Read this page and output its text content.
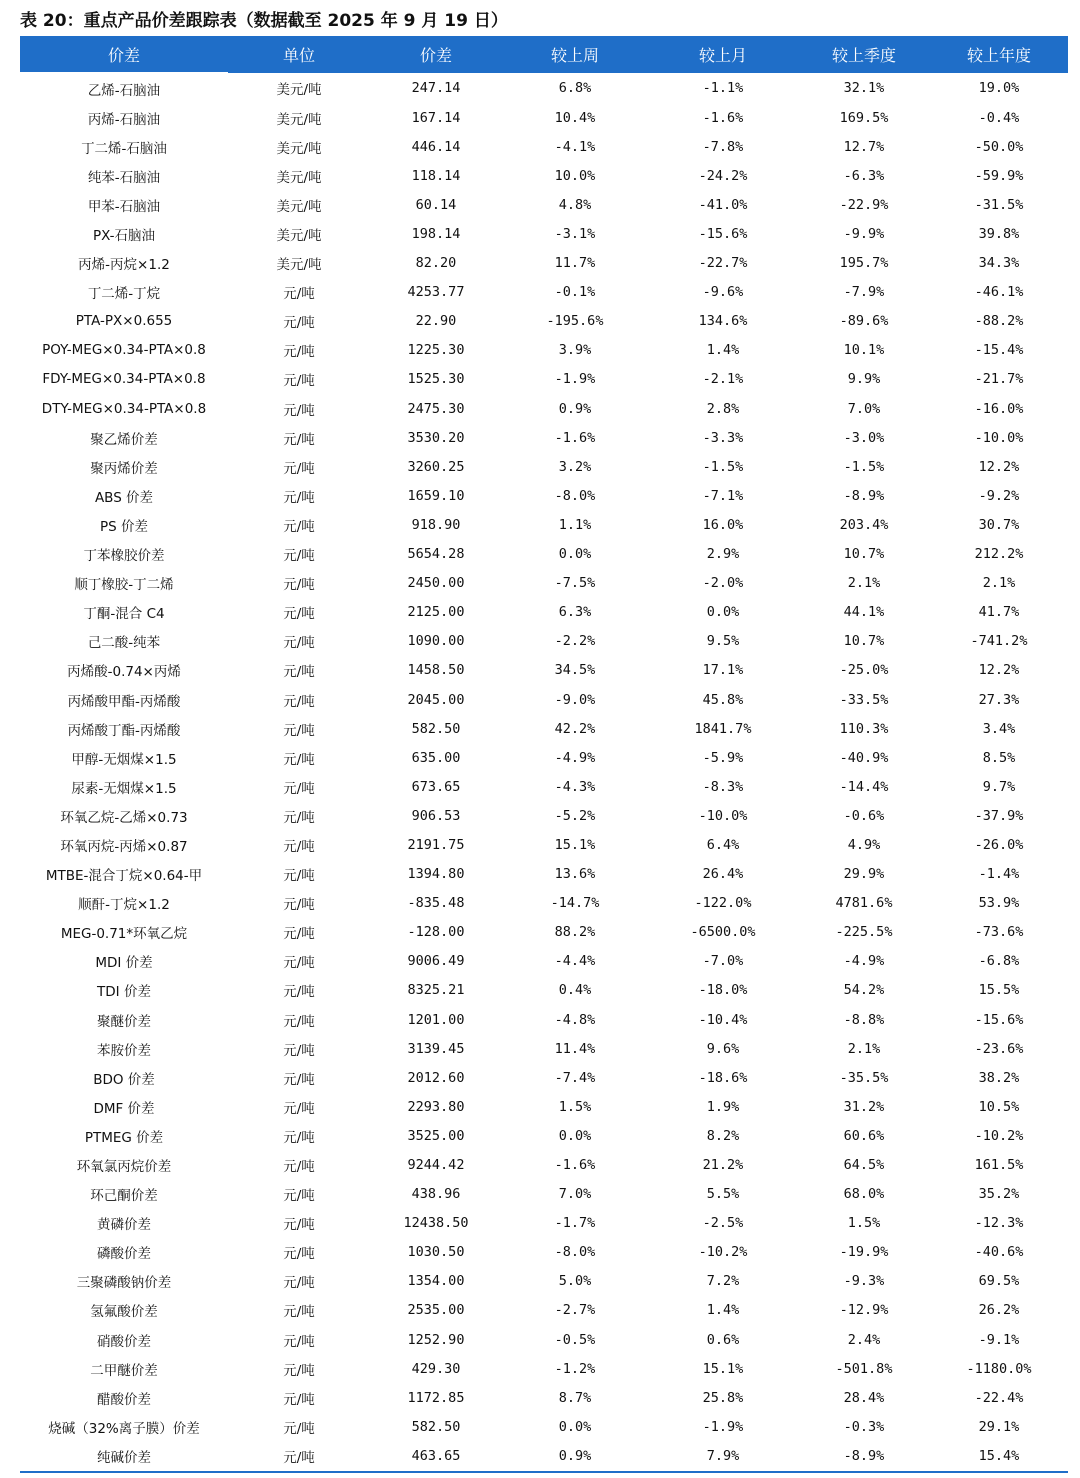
表 20：重点产品价差跟踪表（数据截至 2025 年 9 月 19 日）
价差	单位	价差	较上周	较上月	较上季度	较上年度
乙烯-石脑油	美元/吨	247.14	6.8%	-1.1%	32.1%	19.0%
丙烯-石脑油	美元/吨	167.14	10.4%	-1.6%	169.5%	-0.4%
丁二烯-石脑油	美元/吨	446.14	-4.1%	-7.8%	12.7%	-50.0%
纯苯-石脑油	美元/吨	118.14	10.0%	-24.2%	-6.3%	-59.9%
甲苯-石脑油	美元/吨	60.14	4.8%	-41.0%	-22.9%	-31.5%
PX-石脑油	美元/吨	198.14	-3.1%	-15.6%	-9.9%	39.8%
丙烯-丙烷×1.2	美元/吨	82.20	11.7%	-22.7%	195.7%	34.3%
丁二烯-丁烷	元/吨	4253.77	-0.1%	-9.6%	-7.9%	-46.1%
PTA-PX×0.655	元/吨	22.90	-195.6%	134.6%	-89.6%	-88.2%
POY-MEG×0.34-PTA×0.8	元/吨	1225.30	3.9%	1.4%	10.1%	-15.4%
FDY-MEG×0.34-PTA×0.8	元/吨	1525.30	-1.9%	-2.1%	9.9%	-21.7%
DTY-MEG×0.34-PTA×0.8	元/吨	2475.30	0.9%	2.8%	7.0%	-16.0%
聚乙烯价差	元/吨	3530.20	-1.6%	-3.3%	-3.0%	-10.0%
聚丙烯价差	元/吨	3260.25	3.2%	-1.5%	-1.5%	12.2%
ABS 价差	元/吨	1659.10	-8.0%	-7.1%	-8.9%	-9.2%
PS 价差	元/吨	918.90	1.1%	16.0%	203.4%	30.7%
丁苯橡胶价差	元/吨	5654.28	0.0%	2.9%	10.7%	212.2%
顺丁橡胶-丁二烯	元/吨	2450.00	-7.5%	-2.0%	2.1%	2.1%
丁酮-混合 C4	元/吨	2125.00	6.3%	0.0%	44.1%	41.7%
己二酸-纯苯	元/吨	1090.00	-2.2%	9.5%	10.7%	-741.2%
丙烯酸-0.74×丙烯	元/吨	1458.50	34.5%	17.1%	-25.0%	12.2%
丙烯酸甲酯-丙烯酸	元/吨	2045.00	-9.0%	45.8%	-33.5%	27.3%
丙烯酸丁酯-丙烯酸	元/吨	582.50	42.2%	1841.7%	110.3%	3.4%
甲醇-无烟煤×1.5	元/吨	635.00	-4.9%	-5.9%	-40.9%	8.5%
尿素-无烟煤×1.5	元/吨	673.65	-4.3%	-8.3%	-14.4%	9.7%
环氧乙烷-乙烯×0.73	元/吨	906.53	-5.2%	-10.0%	-0.6%	-37.9%
环氧丙烷-丙烯×0.87	元/吨	2191.75	15.1%	6.4%	4.9%	-26.0%
MTBE-混合丁烷×0.64-甲	元/吨	1394.80	13.6%	26.4%	29.9%	-1.4%
顺酐-丁烷×1.2	元/吨	-835.48	-14.7%	-122.0%	4781.6%	53.9%
MEG-0.71*环氧乙烷	元/吨	-128.00	88.2%	-6500.0%	-225.5%	-73.6%
MDI 价差	元/吨	9006.49	-4.4%	-7.0%	-4.9%	-6.8%
TDI 价差	元/吨	8325.21	0.4%	-18.0%	54.2%	15.5%
聚醚价差	元/吨	1201.00	-4.8%	-10.4%	-8.8%	-15.6%
苯胺价差	元/吨	3139.45	11.4%	9.6%	2.1%	-23.6%
BDO 价差	元/吨	2012.60	-7.4%	-18.6%	-35.5%	38.2%
DMF 价差	元/吨	2293.80	1.5%	1.9%	31.2%	10.5%
PTMEG 价差	元/吨	3525.00	0.0%	8.2%	60.6%	-10.2%
环氧氯丙烷价差	元/吨	9244.42	-1.6%	21.2%	64.5%	161.5%
环己酮价差	元/吨	438.96	7.0%	5.5%	68.0%	35.2%
黄磷价差	元/吨	12438.50	-1.7%	-2.5%	1.5%	-12.3%
磷酸价差	元/吨	1030.50	-8.0%	-10.2%	-19.9%	-40.6%
三聚磷酸钠价差	元/吨	1354.00	5.0%	7.2%	-9.3%	69.5%
氢氟酸价差	元/吨	2535.00	-2.7%	1.4%	-12.9%	26.2%
硝酸价差	元/吨	1252.90	-0.5%	0.6%	2.4%	-9.1%
二甲醚价差	元/吨	429.30	-1.2%	15.1%	-501.8%	-1180.0%
醋酸价差	元/吨	1172.85	8.7%	25.8%	28.4%	-22.4%
烧碱（32%离子膜）价差	元/吨	582.50	0.0%	-1.9%	-0.3%	29.1%
纯碱价差	元/吨	463.65	0.9%	7.9%	-8.9%	15.4%
